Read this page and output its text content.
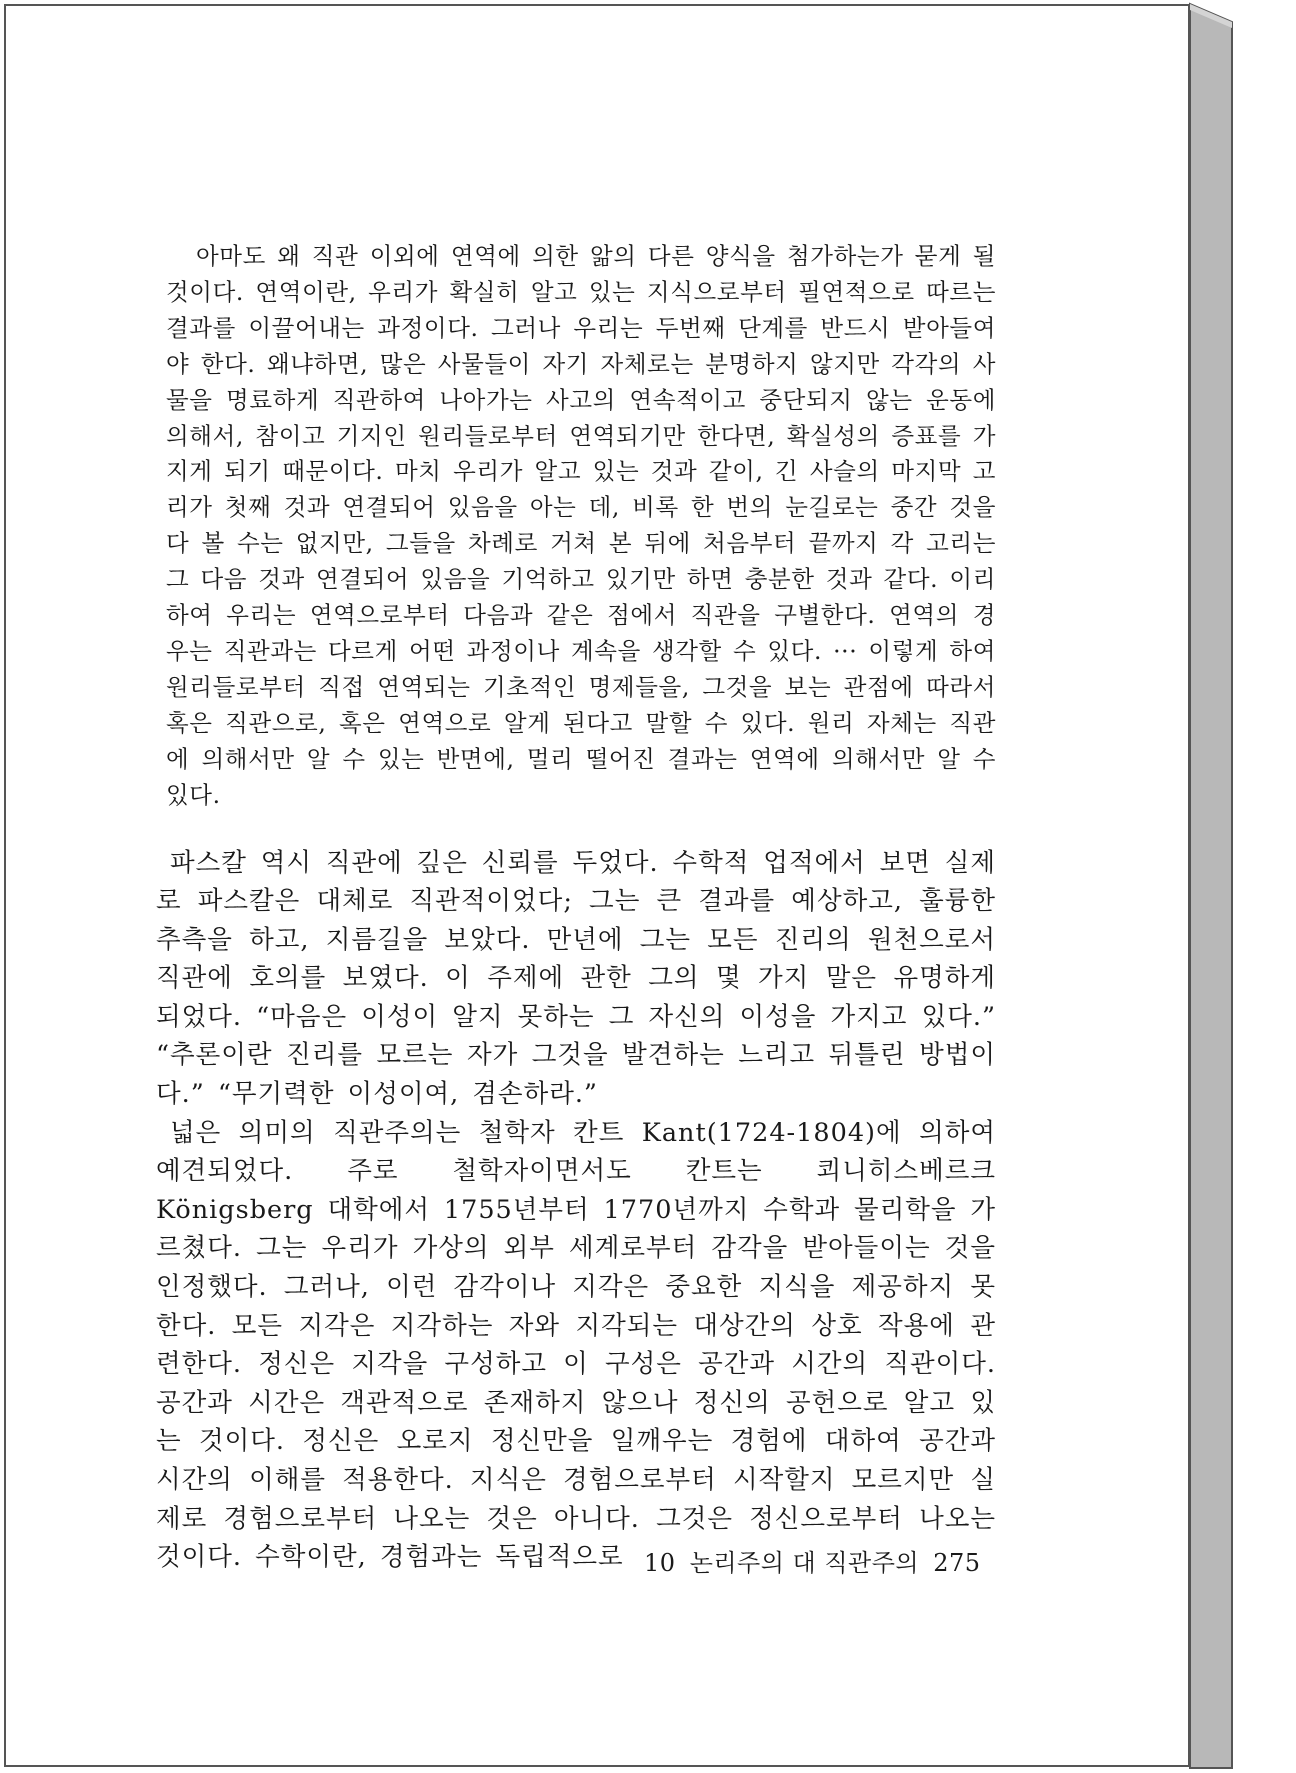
아마도 왜 직관 이외에 연역에 의한 앎의 다른 양식을 첨가하는가 묻게 될 것이다. 연역이란, 우리가 확실히 알고 있는 지식으로부터 필연적으로 따르는 결과를 이끌어내는 과정이다. 그러나 우리는 두번째 단계를 반드시 받아들여야 한다. 왜냐하면, 많은 사물들이 자기 자체로는 분명하지 않지만 각각의 사물을 명료하게 직관하여 나아가는 사고의 연속적이고 중단되지 않는 운동에 의해서, 참이고 기지인 원리들로부터 연역되기만 한다면, 확실성의 증표를 가지게 되기 때문이다. 마치 우리가 알고 있는 것과 같이, 긴 사슬의 마지막 고리가 첫째 것과 연결되어 있음을 아는 데, 비록 한 번의 눈길로는 중간 것을 다 볼 수는 없지만, 그들을 차례로 거쳐 본 뒤에 처음부터 끝까지 각 고리는 그 다음 것과 연결되어 있음을 기억하고 있기만 하면 충분한 것과 같다. 이리하여 우리는 연역으로부터 다음과 같은 점에서 직관을 구별한다. 연역의 경우는 직관과는 다르게 어떤 과정이나 계속을 생각할 수 있다. ··· 이렇게 하여 원리들로부터 직접 연역되는 기초적인 명제들을, 그것을 보는 관점에 따라서 혹은 직관으로, 혹은 연역으로 알게 된다고 말할 수 있다. 원리 자체는 직관에 의해서만 알 수 있는 반면에, 멀리 떨어진 결과는 연역에 의해서만 알 수 있다.

파스칼 역시 직관에 깊은 신뢰를 두었다. 수학적 업적에서 보면 실제로 파스칼은 대체로 직관적이었다; 그는 큰 결과를 예상하고, 훌륭한 추측을 하고, 지름길을 보았다. 만년에 그는 모든 진리의 원천으로서 직관에 호의를 보였다. 이 주제에 관한 그의 몇 가지 말은 유명하게 되었다. “마음은 이성이 알지 못하는 그 자신의 이성을 가지고 있다.” “추론이란 진리를 모르는 자가 그것을 발견하는 느리고 뒤틀린 방법이다.” “무기력한 이성이여, 겸손하라.”

넓은 의미의 직관주의는 철학자 칸트 Kant(1724-1804)에 의하여 예견되었다. 주로 철학자이면서도 칸트는 쾨니히스베르크 Königsberg 대학에서 1755년부터 1770년까지 수학과 물리학을 가르쳤다. 그는 우리가 가상의 외부 세계로부터 감각을 받아들이는 것을 인정했다. 그러나, 이런 감각이나 지각은 중요한 지식을 제공하지 못한다. 모든 지각은 지각하는 자와 지각되는 대상간의 상호 작용에 관련한다. 정신은 지각을 구성하고 이 구성은 공간과 시간의 직관이다. 공간과 시간은 객관적으로 존재하지 않으나 정신의 공헌으로 알고 있는 것이다. 정신은 오로지 정신만을 일깨우는 경험에 대하여 공간과 시간의 이해를 적용한다. 지식은 경험으로부터 시작할지 모르지만 실제로 경험으로부터 나오는 것은 아니다. 그것은 정신으로부터 나오는 것이다. 수학이란, 경험과는 독립적으로 10 논리주의 대 직관주의 275
